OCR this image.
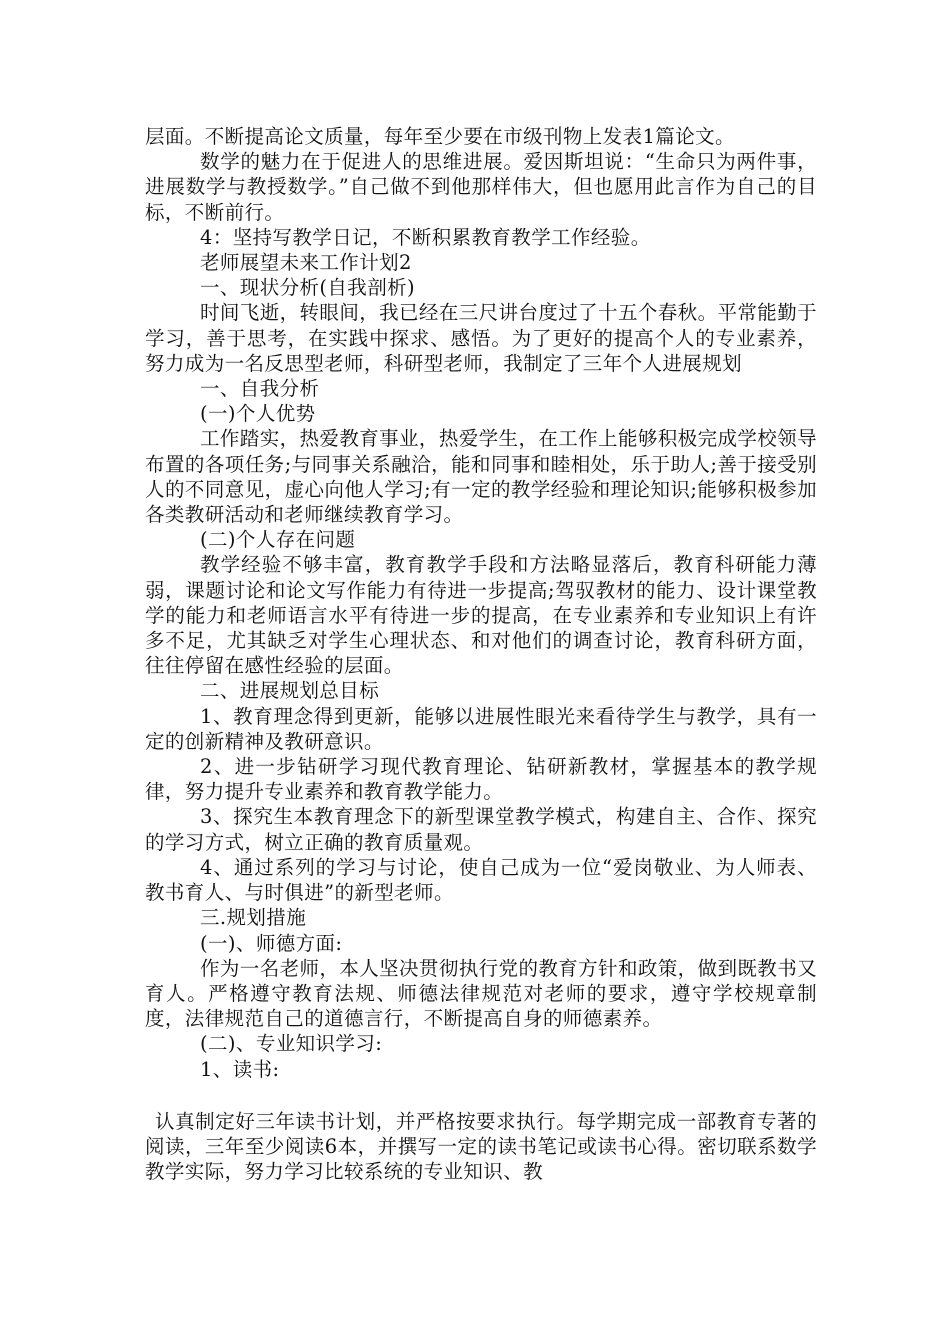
层面。不断提高论文质量，每年至少要在市级刊物上发表1篇论文。

数学的魅力在于促进人的思维进展。爱因斯坦说：“生命只为两件事，进展数学与教授数学。”自己做不到他那样伟大，但也愿用此言作为自己的目标，不断前行。

4：坚持写教学日记，不断积累教育教学工作经验。

老师展望未来工作计划2

一、现状分析(自我剖析)

时间飞逝，转眼间，我已经在三尺讲台度过了十五个春秋。平常能勤于学习，善于思考，在实践中探求、感悟。为了更好的提高个人的专业素养，努力成为一名反思型老师，科研型老师，我制定了三年个人进展规划

一、自我分析

(一)个人优势

工作踏实，热爱教育事业，热爱学生，在工作上能够积极完成学校领导布置的各项任务;与同事关系融洽，能和同事和睦相处，乐于助人;善于接受别人的不同意见，虚心向他人学习;有一定的教学经验和理论知识;能够积极参加各类教研活动和老师继续教育学习。

(二)个人存在问题

教学经验不够丰富，教育教学手段和方法略显落后，教育科研能力薄弱，课题讨论和论文写作能力有待进一步提高;驾驭教材的能力、设计课堂教学的能力和老师语言水平有待进一步的提高，在专业素养和专业知识上有许多不足，尤其缺乏对学生心理状态、和对他们的调查讨论，教育科研方面，往往停留在感性经验的层面。

二、进展规划总目标

1、教育理念得到更新，能够以进展性眼光来看待学生与教学，具有一定的创新精神及教研意识。

2、进一步钻研学习现代教育理论、钻研新教材，掌握基本的教学规律，努力提升专业素养和教育教学能力。

3、探究生本教育理念下的新型课堂教学模式，构建自主、合作、探究的学习方式，树立正确的教育质量观。

4、通过系列的学习与讨论，使自己成为一位“爱岗敬业、为人师表、教书育人、与时俱进”的新型老师。

三.规划措施

(一)、师德方面:

作为一名老师，本人坚决贯彻执行党的教育方针和政策，做到既教书又育人。严格遵守教育法规、师德法律规范对老师的要求，遵守学校规章制度，法律规范自己的道德言行，不断提高自身的师德素养。

(二)、专业知识学习:

1、读书:

认真制定好三年读书计划，并严格按要求执行。每学期完成一部教育专著的阅读，三年至少阅读6本，并撰写一定的读书笔记或读书心得。密切联系数学教学实际，努力学习比较系统的专业知识、教
